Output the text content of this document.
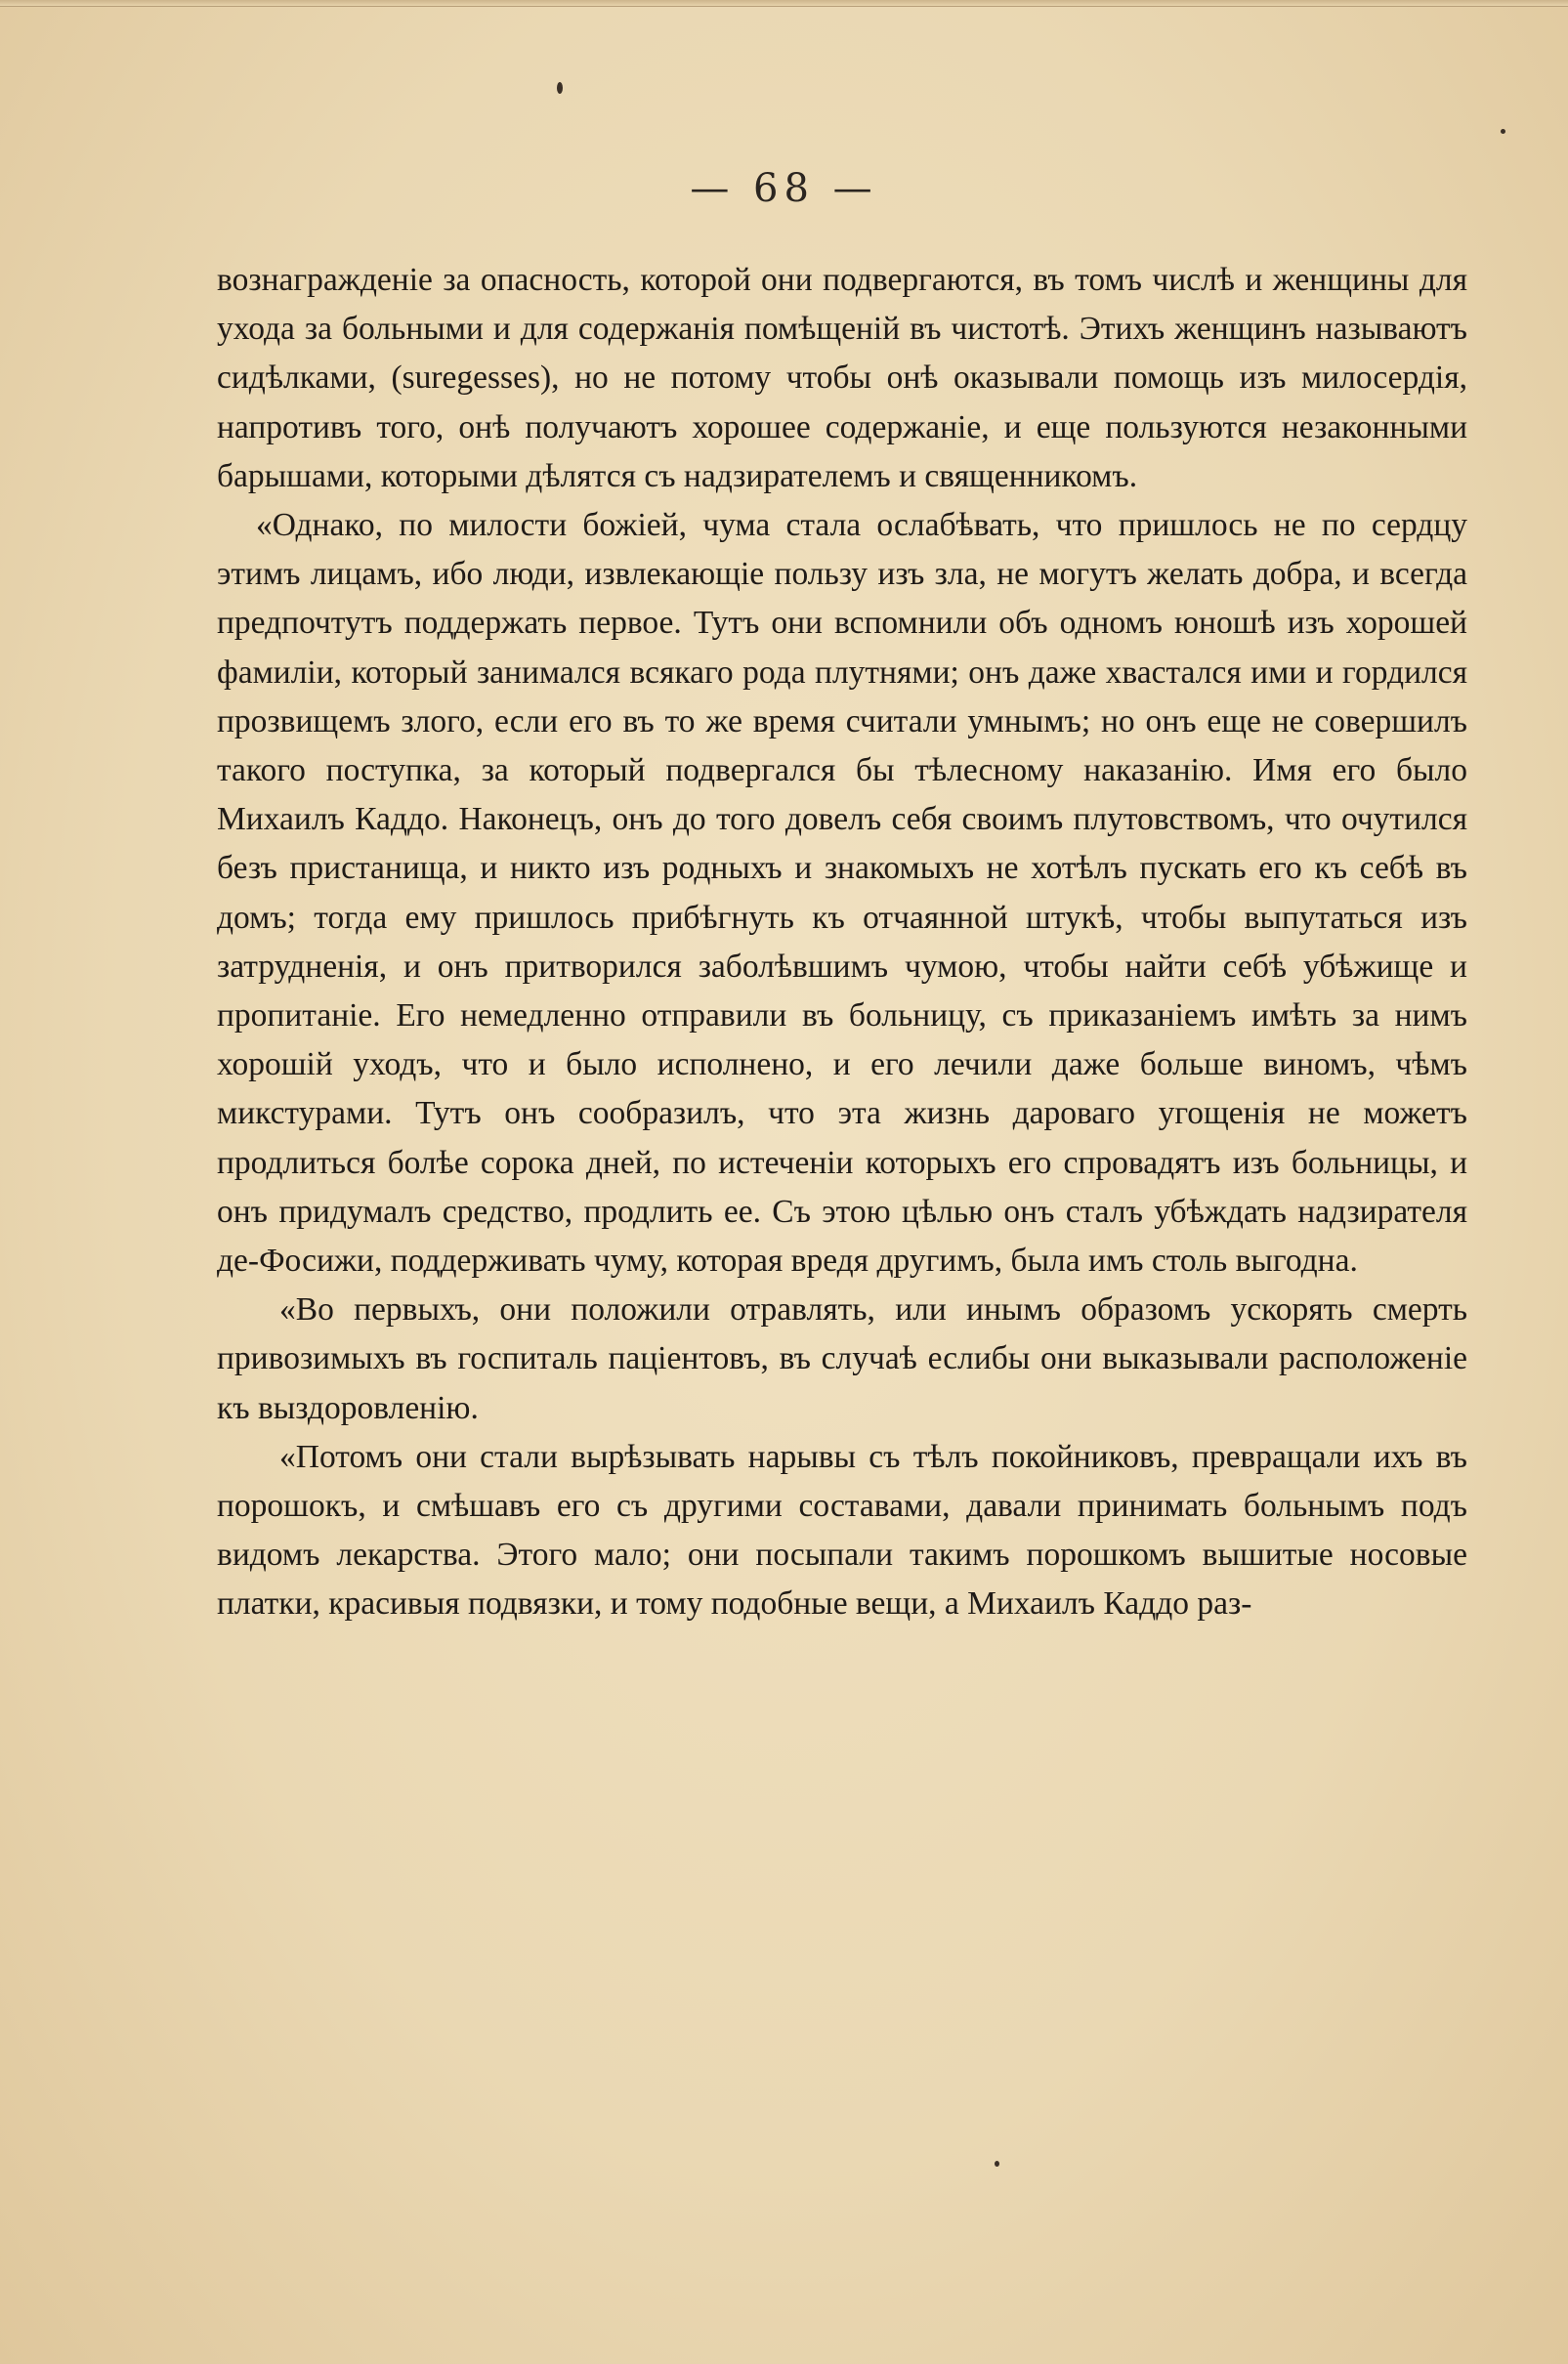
— 68 —

вознагражденіе за опасность, которой они подвергаются, въ томъ числѣ и женщины для ухода за больными и для содержанія помѣщеній въ чистотѣ. Этихъ женщинъ называютъ сидѣлками, (suregesses), но не потому чтобы онѣ оказывали помощь изъ милосердія, напротивъ того, онѣ получаютъ хорошее содержаніе, и еще пользуются незаконными барышами, которыми дѣлятся съ надзирателемъ и священникомъ.

«Однако, по милости божіей, чума стала ослабѣвать, что пришлось не по сердцу этимъ лицамъ, ибо люди, извлекающіе пользу изъ зла, не могутъ желать добра, и всегда предпочтутъ поддержать первое. Тутъ они вспомнили объ одномъ юношѣ изъ хорошей фамиліи, который занимался всякаго рода плутнями; онъ даже хвастался ими и гордился прозвищемъ злого, если его въ то же время считали умнымъ; но онъ еще не совершилъ такого поступка, за который подвергался бы тѣлесному наказанію. Имя его было Михаилъ Каддо. Наконецъ, онъ до того довелъ себя своимъ плутовствомъ, что очутился безъ пристанища, и никто изъ родныхъ и знакомыхъ не хотѣлъ пускать его къ себѣ въ домъ; тогда ему пришлось прибѣгнуть къ отчаянной штукѣ, чтобы выпутаться изъ затрудненія, и онъ притворился заболѣвшимъ чумою, чтобы найти себѣ убѣжище и пропитаніе. Его немедленно отправили въ больницу, съ приказаніемъ имѣть за нимъ хорошій уходъ, что и было исполнено, и его лечили даже больше виномъ, чѣмъ микстурами. Тутъ онъ сообразилъ, что эта жизнь дароваго угощенія не можетъ продлиться болѣе сорока дней, по истеченіи которыхъ его спровадятъ изъ больницы, и онъ придумалъ средство, продлить ее. Съ этою цѣлью онъ сталъ убѣждать надзирателя де-Фосижи, поддерживать чуму, которая вредя другимъ, была имъ столь выгодна.

«Во первыхъ, они положили отравлять, или инымъ образомъ ускорять смерть привозимыхъ въ госпиталь паціентовъ, въ случаѣ еслибы они выказывали расположеніе къ выздоровленію.

«Потомъ они стали вырѣзывать нарывы съ тѣлъ покойниковъ, превращали ихъ въ порошокъ, и смѣшавъ его съ другими составами, давали принимать больнымъ подъ видомъ лекарства. Этого мало; они посыпали такимъ порошкомъ вышитые носовые платки, красивыя подвязки, и тому подобные вещи, а Михаилъ Каддо раз-
